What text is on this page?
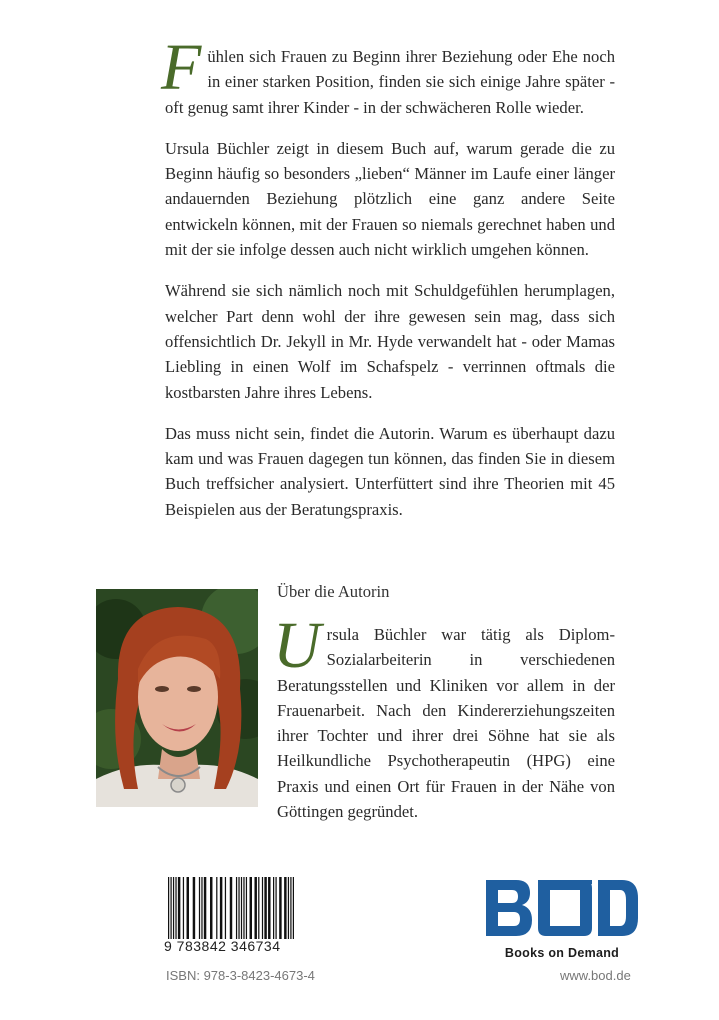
Fühlen sich Frauen zu Beginn ihrer Beziehung oder Ehe noch in einer starken Position, finden sie sich einige Jahre später - oft genug samt ihrer Kinder - in der schwächeren Rolle wieder.

Ursula Büchler zeigt in diesem Buch auf, warum gerade die zu Beginn häufig so besonders „lieben“ Männer im Laufe einer länger andauernden Beziehung plötzlich eine ganz andere Seite entwickeln können, mit der Frauen so niemals gerechnet haben und mit der sie infolge dessen auch nicht wirklich umgehen können.

Während sie sich nämlich noch mit Schuldgefühlen herumplagen, welcher Part denn wohl der ihre gewesen sein mag, dass sich offensichtlich Dr. Jekyll in Mr. Hyde verwandelt hat - oder Mamas Liebling in einen Wolf im Schafspelz - verrinnen oftmals die kostbarsten Jahre ihres Lebens.

Das muss nicht sein, findet die Autorin. Warum es überhaupt dazu kam und was Frauen dagegen tun können, das finden Sie in diesem Buch treffsicher analysiert. Unterfüttert sind ihre Theorien mit 45 Beispielen aus der Beratungspraxis.

Über die Autorin
Ursula Büchler war tätig als Diplom-Sozialarbeiterin in verschiedenen Beratungsstellen und Kliniken vor allem in der Frauenarbeit. Nach den Kindererziehungszeiten ihrer Tochter und ihrer drei Söhne hat sie als Heilkundliche Psychotherapeutin (HPG) eine Praxis und einen Ort für Frauen in der Nähe von Göttingen gegründet.
9 783842 346734
ISBN: 978-3-8423-4673-4
Books on Demand
www.bod.de
